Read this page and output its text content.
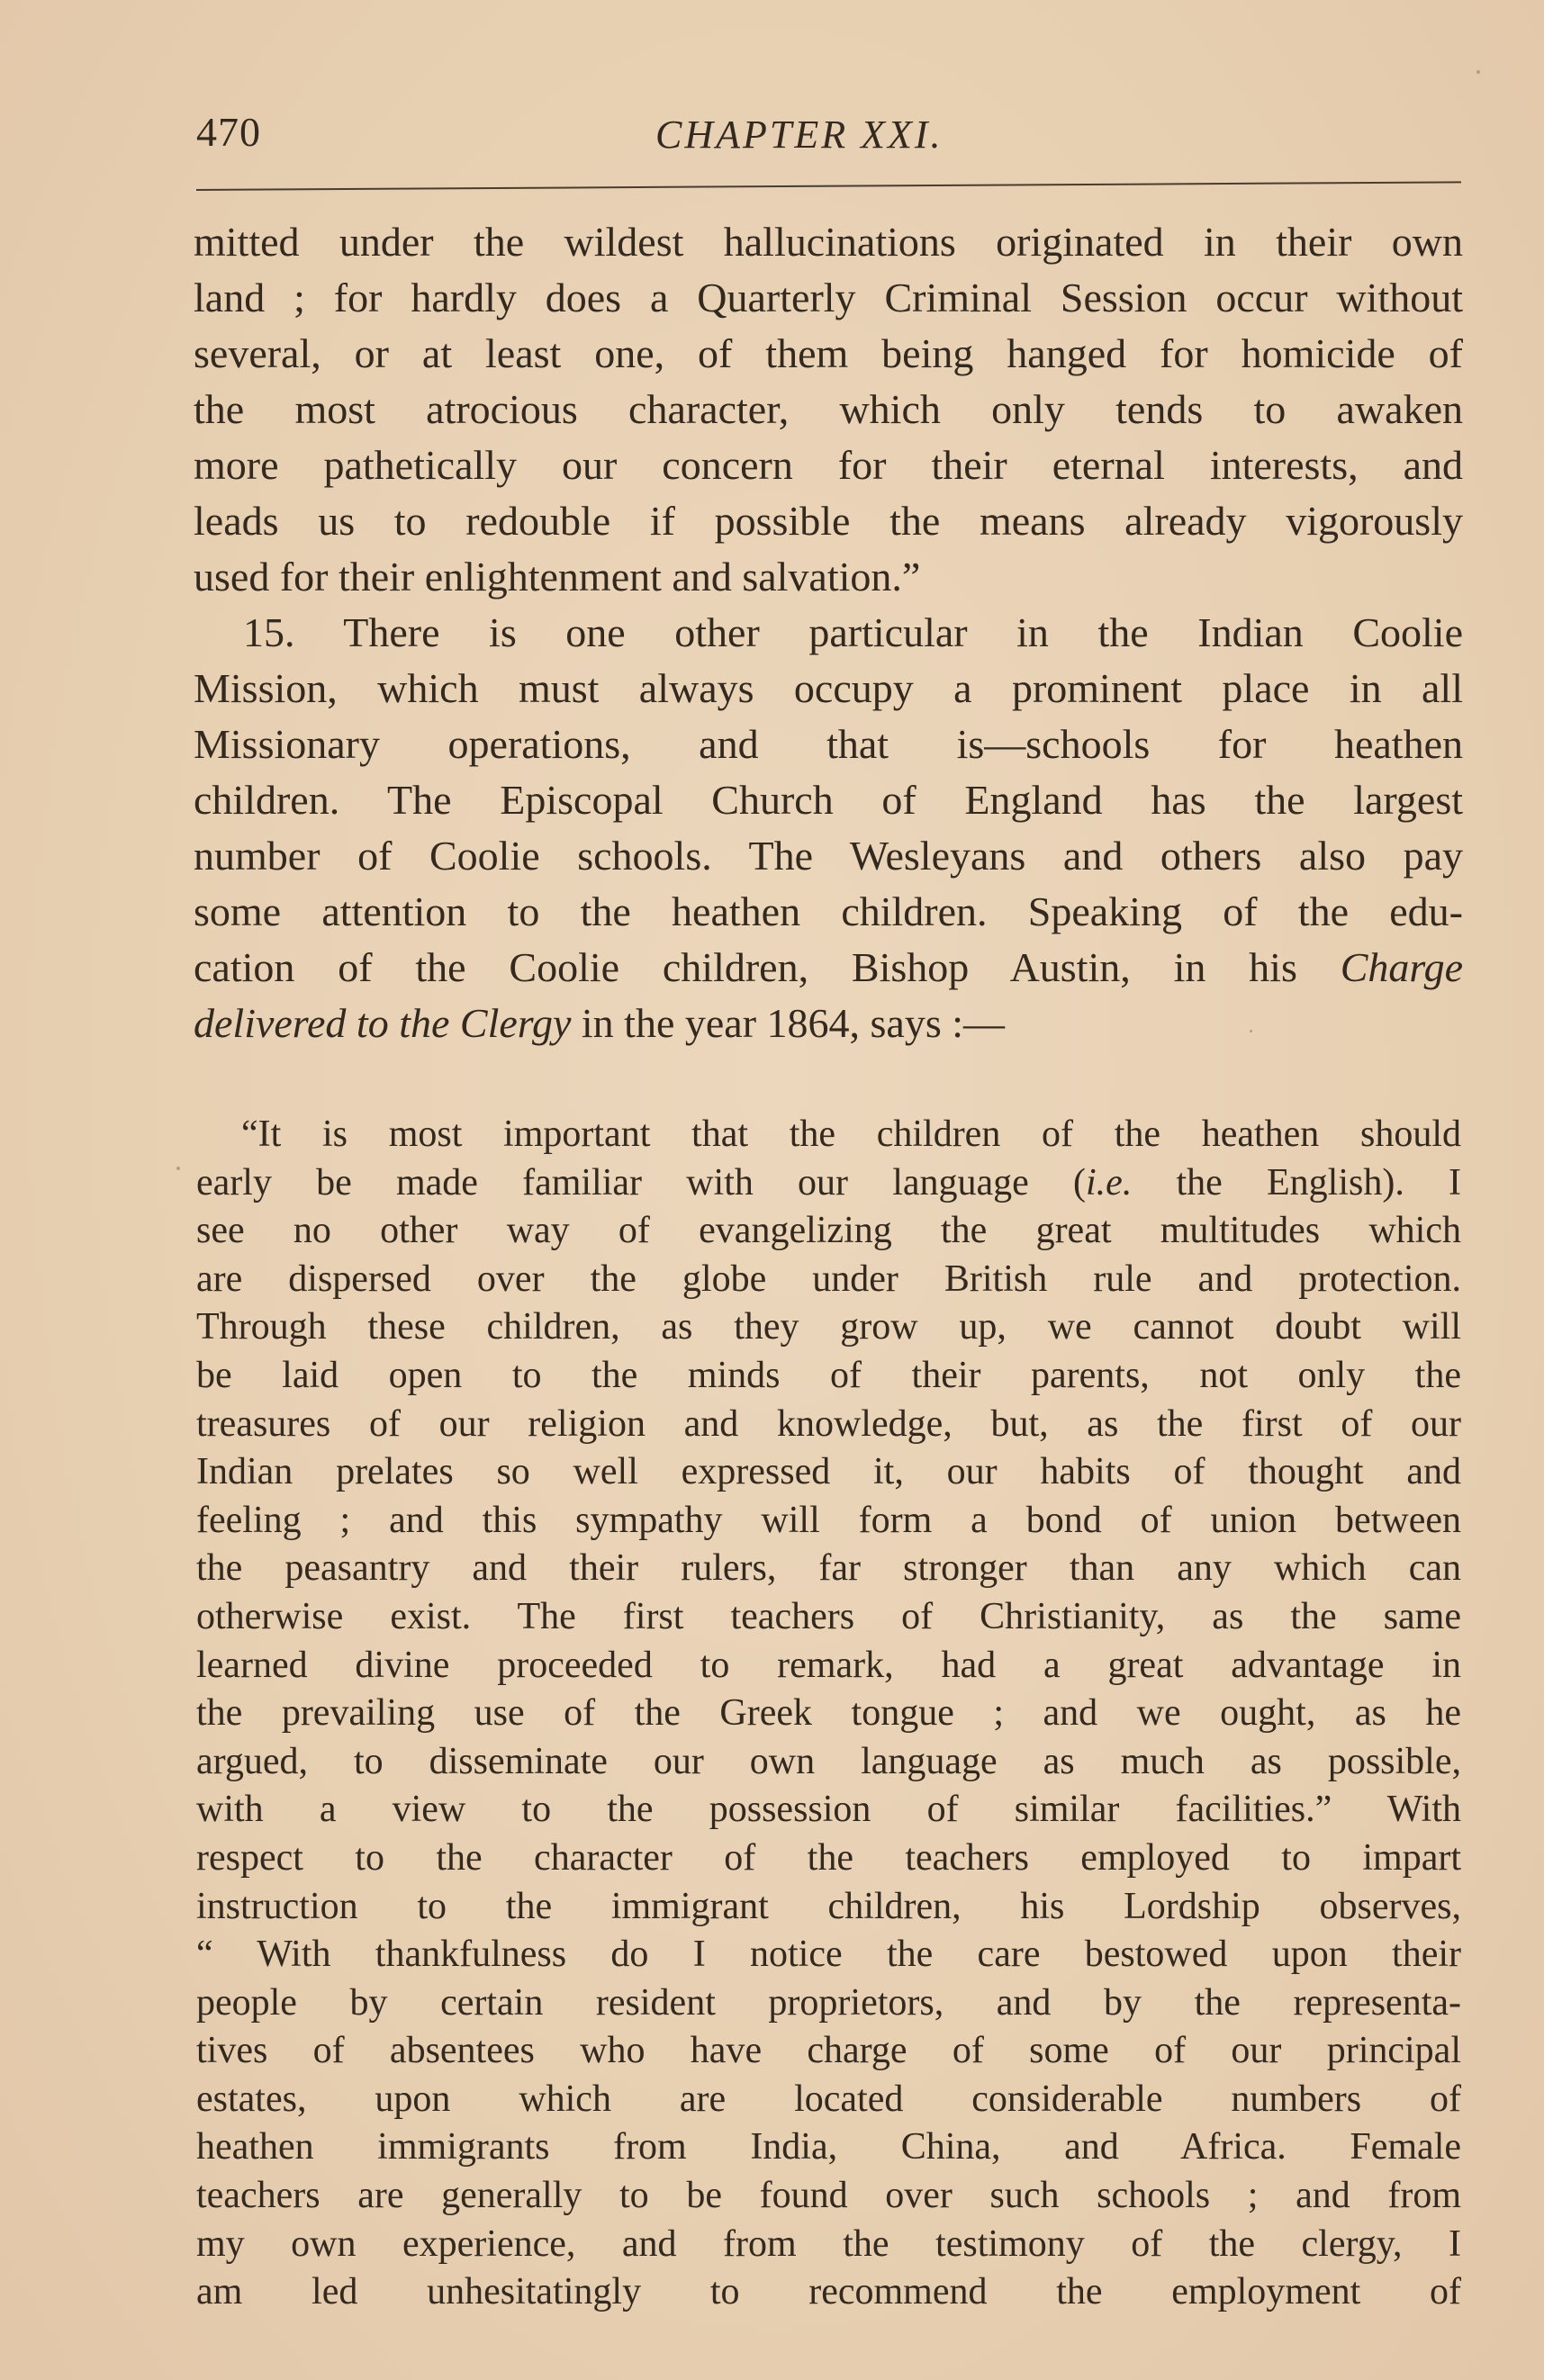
470	CHAPTER XXI.
mitted under the wildest hallucinations originated in their own
land ; for hardly does a Quarterly Criminal Session occur without
several, or at least one, of them being hanged for homicide of
the most atrocious character, which only tends to awaken
more pathetically our concern for their eternal interests, and
leads us to redouble if possible the means already vigorously
used for their enlightenment and salvation.”
15. There is one other particular in the Indian Coolie
Mission, which must always occupy a prominent place in all
Missionary operations, and that is—schools for heathen
children. The Episcopal Church of England has the largest
number of Coolie schools. The Wesleyans and others also pay
some attention to the heathen children. Speaking of the edu-
cation of the Coolie children, Bishop Austin, in his Charge
delivered to the Clergy in the year 1864, says :—
“It is most important that the children of the heathen should
early be made familiar with our language (i.e. the English). I
see no other way of evangelizing the great multitudes which
are dispersed over the globe under British rule and protection.
Through these children, as they grow up, we cannot doubt will
be laid open to the minds of their parents, not only the
treasures of our religion and knowledge, but, as the first of our
Indian prelates so well expressed it, our habits of thought and
feeling ; and this sympathy will form a bond of union between
the peasantry and their rulers, far stronger than any which can
otherwise exist. The first teachers of Christianity, as the same
learned divine proceeded to remark, had a great advantage in
the prevailing use of the Greek tongue ; and we ought, as he
argued, to disseminate our own language as much as possible,
with a view to the possession of similar facilities.” With
respect to the character of the teachers employed to impart
instruction to the immigrant children, his Lordship observes,
“ With thankfulness do I notice the care bestowed upon their
people by certain resident proprietors, and by the representa-
tives of absentees who have charge of some of our principal
estates, upon which are located considerable numbers of
heathen immigrants from India, China, and Africa. Female
teachers are generally to be found over such schools ; and from
my own experience, and from the testimony of the clergy, I
am led unhesitatingly to recommend the employment of
